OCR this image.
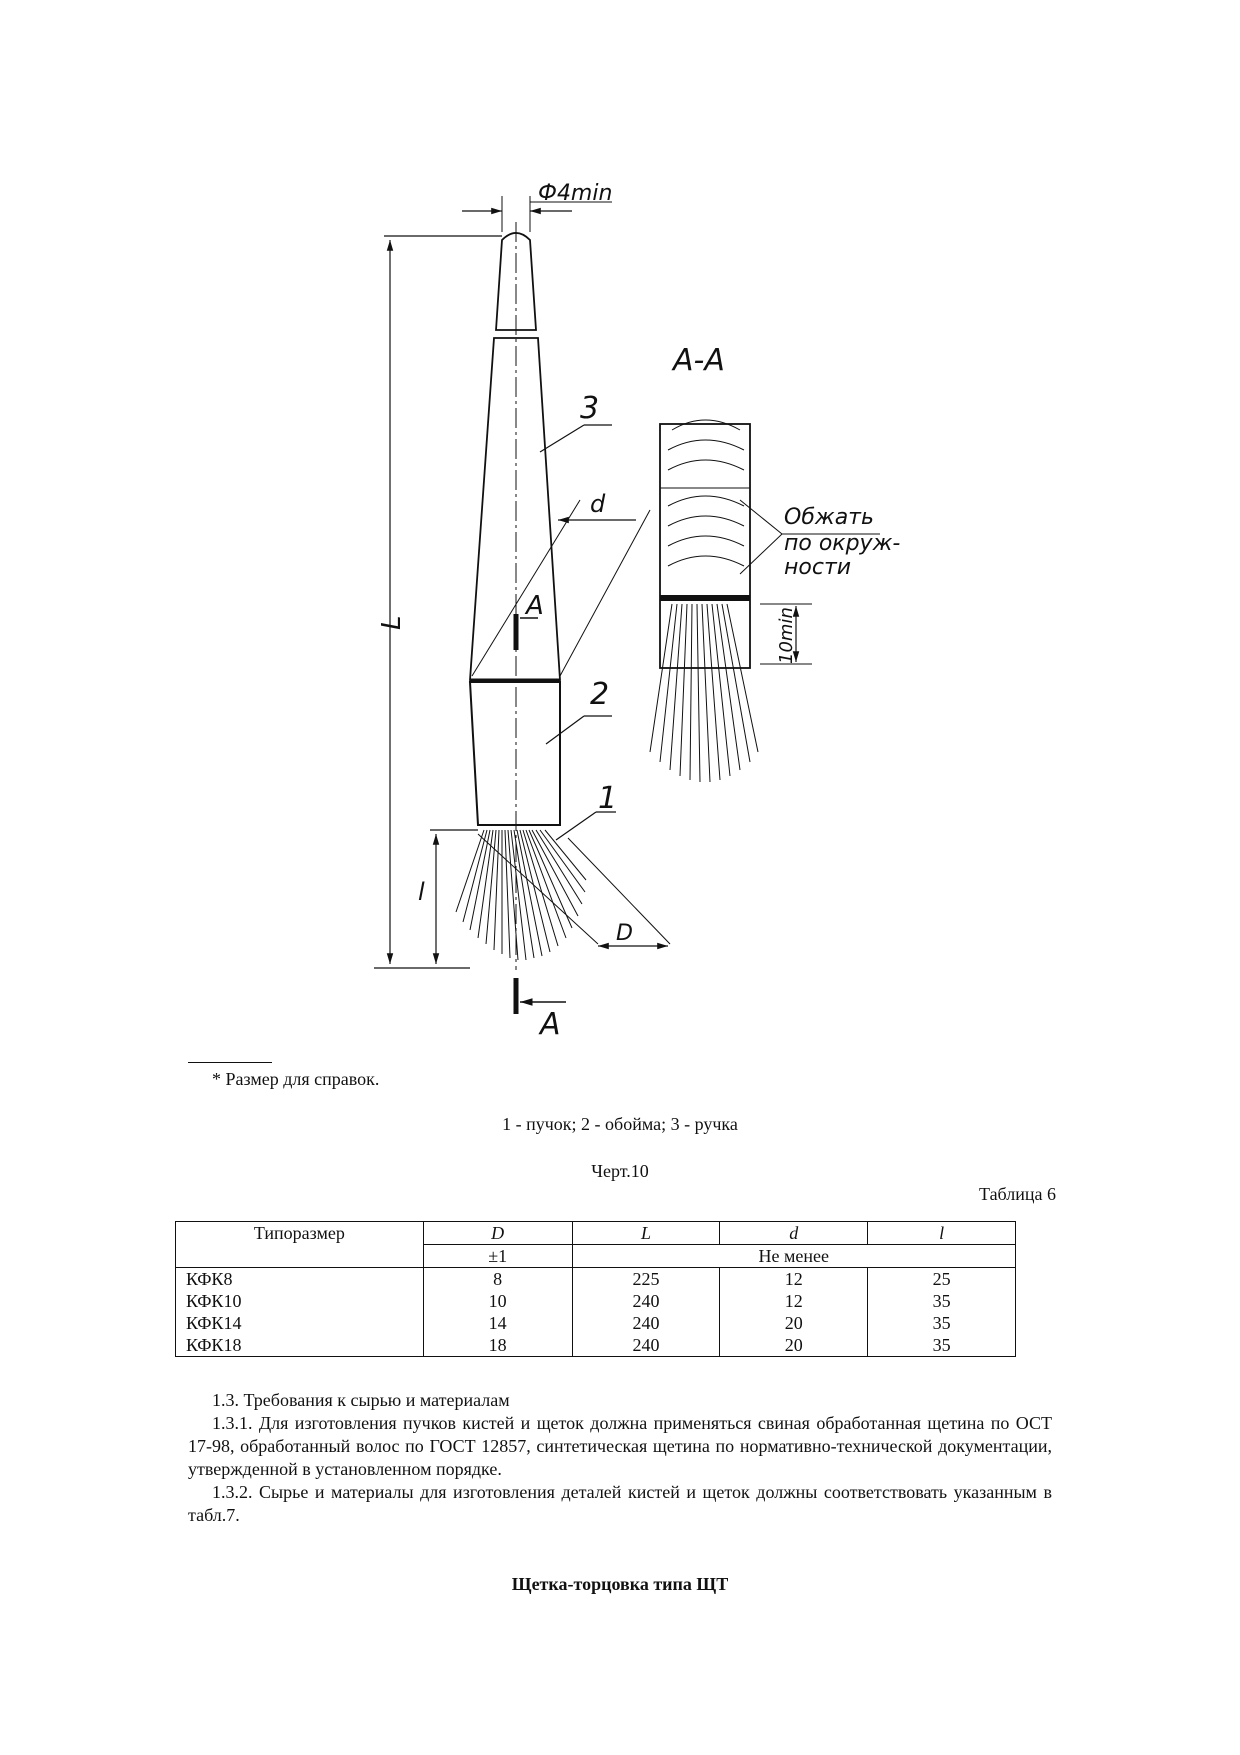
Ф4min
А-А
3
d
А
L
2
1
l
D
А
Обжать
по окруж-
ности
10min
* Размер для справок.
1 - пучок; 2 - обойма; 3 - ручка
Черт.10
Таблица 6
Типоразмер	D	L	d	l
	±1	Не менее		
КФК8	8	225	12	25
КФК10	10	240	12	35
КФК14	14	240	20	35
КФК18	18	240	20	35

1.3. Требования к сырью и материалам

1.3.1. Для изготовления пучков кистей и щеток должна применяться свиная обработанная щетина по ОСТ 17-98, обработанный волос по ГОСТ 12857, синтетическая щетина по нормативно-технической документации, утвержденной в установленном порядке.

1.3.2. Сырье и материалы для изготовления деталей кистей и щеток должны соответствовать указанным в табл.7.

Щетка-торцовка типа ЩТ
